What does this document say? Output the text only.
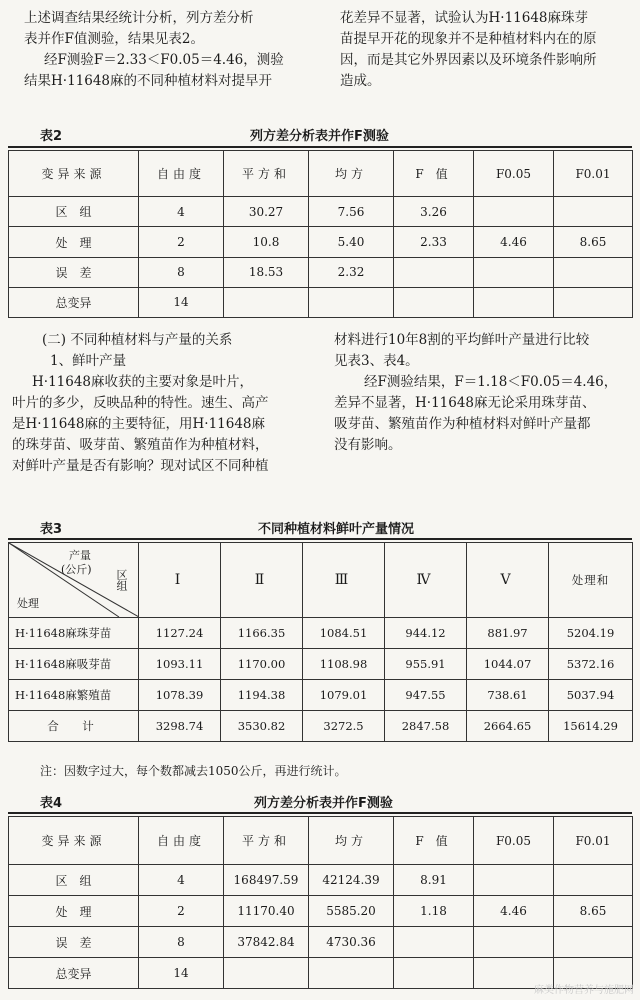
上述调查结果经统计分析，列方差分析
表并作F值测验，结果见表2。
经F测验F＝2.33＜F0.05＝4.46，测验
结果H·11648麻的不同种植材料对提早开
花差异不显著，试验认为H·11648麻珠芽
苗提早开花的现象并不是种植材料内在的原
因，而是其它外界因素以及环境条件影响所
造成。
表2	列方差分析表并作F测验
变异来源	自由度	平方和	均方	F 值	F0.05	F0.01
区　组	4	30.27	7.56	3.26		
处　理	2	10.8	5.40	2.33	4.46	8.65
误　差	8	18.53	2.32			
总变异	14					
(二) 不同种植材料与产量的关系
1、鲜叶产量
H·11648麻收获的主要对象是叶片，
叶片的多少，反映品种的特性。速生、高产
是H·11648麻的主要特征，用H·11648麻
的珠芽苗、吸芽苗、繁殖苗作为种植材料，
对鲜叶产量是否有影响？现对试区不同种植
材料进行10年8割的平均鲜叶产量进行比较
见表3、表4。
经F测验结果，F＝1.18＜F0.05＝4.46，
差异不显著，H·11648麻无论采用珠芽苗、
吸芽苗、繁殖苗作为种植材料对鲜叶产量都
没有影响。
表3	不同种植材料鲜叶产量情况
产量
(公斤) 区组
处理	Ⅰ	Ⅱ	Ⅲ	Ⅳ	Ⅴ	处理和
H·11648麻珠芽苗	1127.24	1166.35	1084.51	944.12	881.97	5204.19
H·11648麻吸芽苗	1093.11	1170.00	1108.98	955.91	1044.07	5372.16
H·11648麻繁殖苗	1078.39	1194.38	1079.01	947.55	738.61	5037.94
合　计	3298.74	3530.82	3272.5	2847.58	2664.65	15614.29
注：因数字过大，每个数都减去1050公斤，再进行统计。
表4	列方差分析表并作F测验
变异来源	自由度	平方和	均方	F 值	F0.05	F0.01
区　组	4	168497.59	42124.39	8.91		
处　理	2	11170.40	5585.20	1.18	4.46	8.65
误　差	8	37842.84	4730.36			
总变异	14					
麻类作物营养与施肥网
